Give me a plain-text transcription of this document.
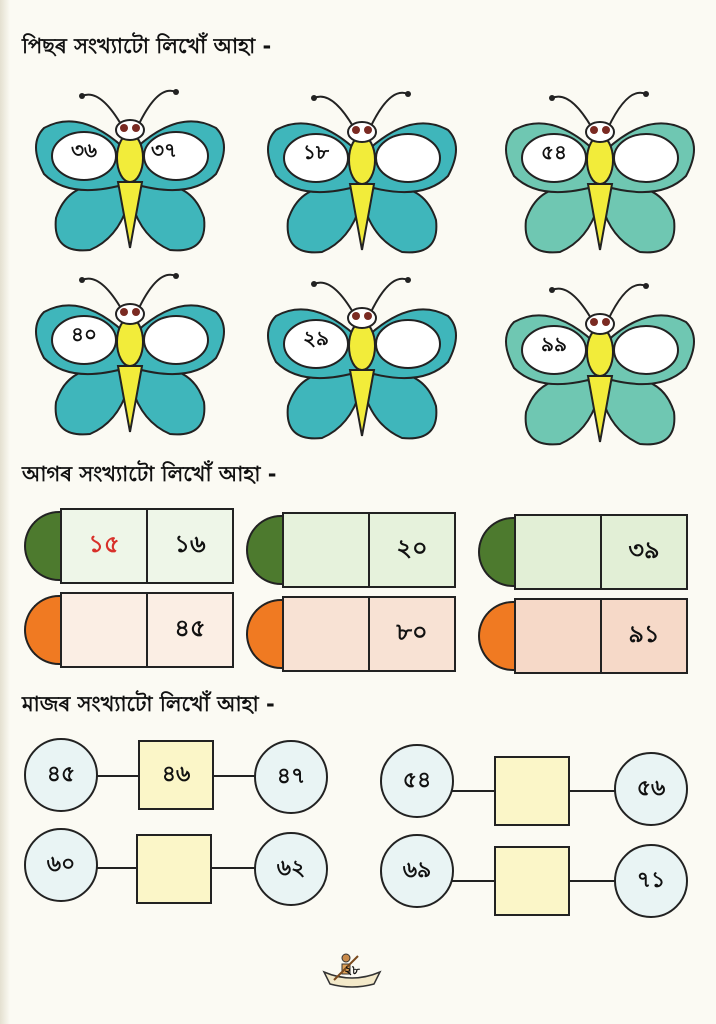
পিছৰ সংখ্যাটো লিখোঁ আহা -
৩৬	৩৭	১৮	৫৪
৪০	২৯	৯৯
আগৰ সংখ্যাটো লিখোঁ আহা -
১৫	১৬	২০	৩৯
৪৫	৮০	৯১
মাজৰ সংখ্যাটো লিখোঁ আহা -
৪৫	৪৬	৪৭	৫৪	৫৬
৬০	৬২	৬৯	৭১
২৮
